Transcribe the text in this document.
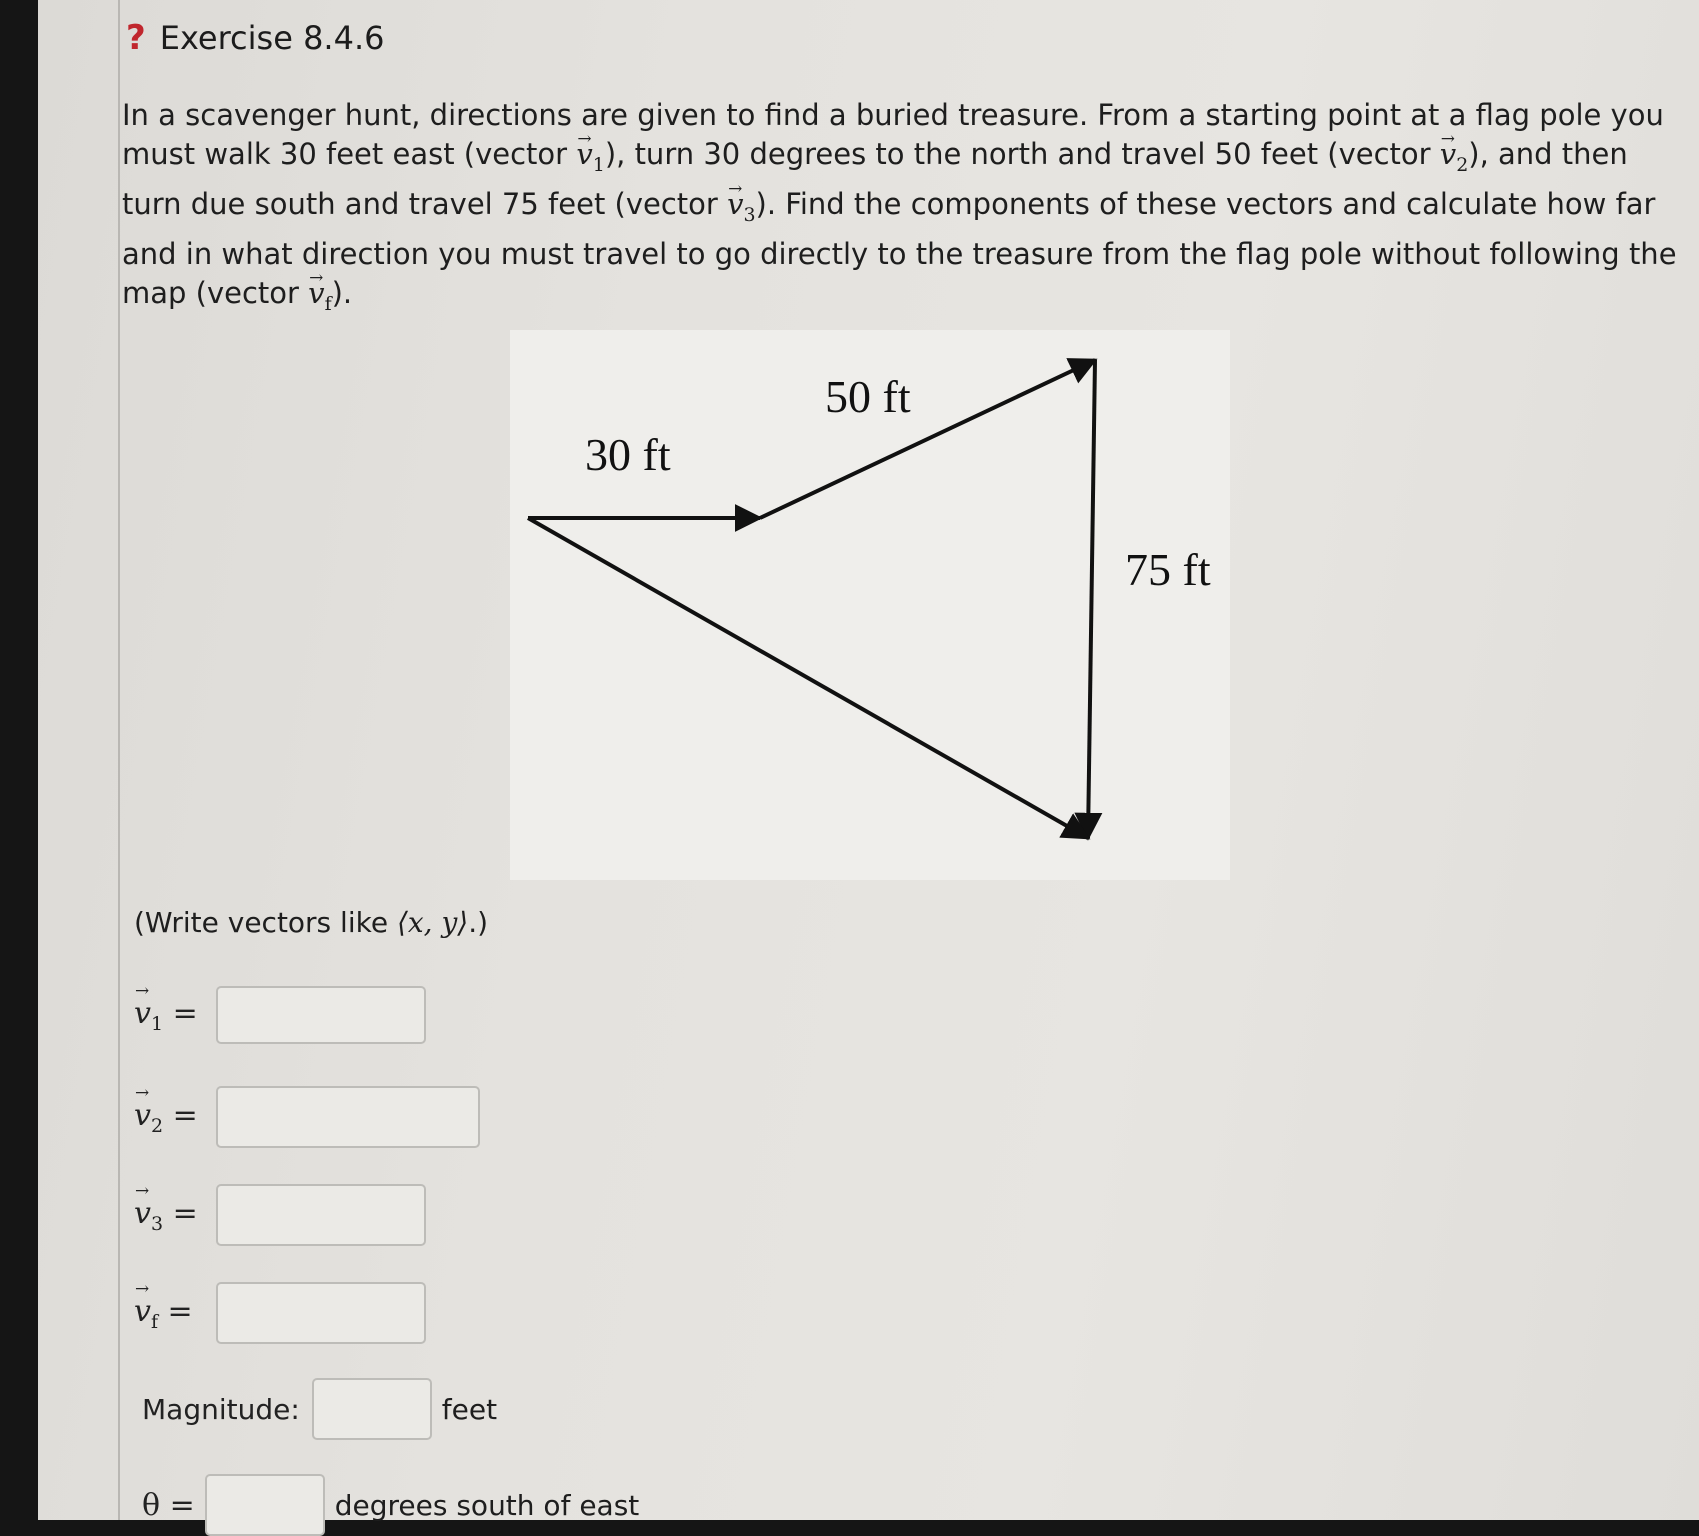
? Exercise 8.4.6
In a scavenger hunt, directions are given to find a buried treasure. From a starting point at a flag pole you must walk 30 feet east (vector → $v_1$), turn 30 degrees to the north and travel 50 feet (vector → $v_2$), and then turn due south and travel 75 feet (vector → $v_3$). Find the components of these vectors and calculate how far and in what direction you must travel to go directly to the treasure from the flag pole without following the map (vector → $v_f$).
30 ft
50 ft
75 ft
(Write vectors like ⟨x, y⟩.)
→ $v_1$ =
→ $v_2$ =
→ $v_3$ =
→ $v_f$ =
Magnitude:	feet
θ =	degrees south of east
